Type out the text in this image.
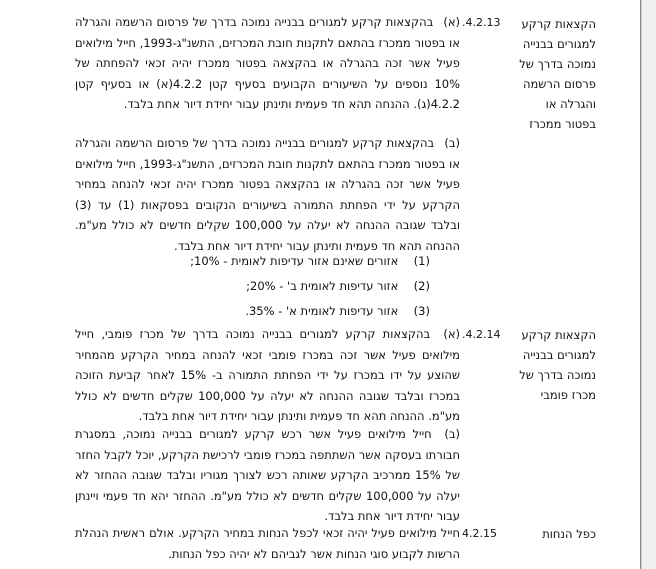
הקצאות קרקע למגורים בבנייה נמוכה בדרך של פרסום הרשמה והגרלה או בפטור ממכרז
.4.2.13
(א) בהקצאות קרקע למגורים בבנייה נמוכה בדרך של פרסום הרשמה והגרלה או בפטור ממכרז בהתאם לתקנות חובת המכרזים, התשנ"ג-1993, חייל מילואים פעיל אשר זכה בהגרלה או בהקצאה בפטור ממכרז יהיה זכאי להפחתה של 10% נוספים על השיעורים הקבועים בסעיף קטן 4.2.2(א) או בסעיף קטן 4.2.2(ג). ההנחה תהא חד פעמית ותינתן עבור יחידת דיור אחת בלבד.
(ב) בהקצאות קרקע למגורים בבנייה נמוכה בדרך של פרסום הרשמה והגרלה או בפטור ממכרז בהתאם לתקנות חובת המכרזים, התשנ"ג-1993, חייל מילואים פעיל אשר זכה בהגרלה או בהקצאה בפטור ממכרז יהיה זכאי להנחה במחיר הקרקע על ידי הפחתת התמורה בשיעורים הנקובים בפסקאות (1) עד (3) ובלבד שגובה ההנחה לא יעלה על 100,000 שקלים חדשים לא כולל מע"מ. ההנחה תהא חד פעמית ותינתן עבור יחידת דיור אחת בלבד.
(1) אזורים שאינם אזור עדיפות לאומית - 10%;
(2) אזור עדיפות לאומית ב' - 20%;
(3) אזור עדיפות לאומית א' - 35%.
הקצאות קרקע למגורים בבנייה נמוכה בדרך של מכרז פומבי
.4.2.14
(א) בהקצאות קרקע למגורים בבנייה נמוכה בדרך של מכרז פומבי, חייל מילואים פעיל אשר זכה במכרז פומבי זכאי להנחה במחיר הקרקע מהמחיר שהוצע על ידו במכרז על ידי הפחתת התמורה ב- 15% לאחר קביעת הזוכה במכרז ובלבד שגובה ההנחה לא יעלה על 100,000 שקלים חדשים לא כולל מע"מ. ההנחה תהא חד פעמית ותינתן עבור יחידת דיור אחת בלבד.
(ב) חייל מילואים פעיל אשר רכש קרקע למגורים בבנייה נמוכה, במסגרת חבורתו בעסקה אשר השתתפה במכרז פומבי לרכישת הקרקע, יוכל לקבל החזר של 15% ממרכיב הקרקע שאותה רכש לצורך מגוריו ובלבד שגובה ההחזר לא יעלה על 100,000 שקלים חדשים לא כולל מע"מ. ההחזר יהא חד פעמי ויינתן עבור יחידת דיור אחת בלבד.
כפל הנחות
4.2.15
חייל מילואים פעיל יהיה זכאי לכפל הנחות במחיר הקרקע. אולם ראשית הנהלת הרשות לקבוע סוגי הנחות אשר לגביהם לא יהיה כפל הנחות.
